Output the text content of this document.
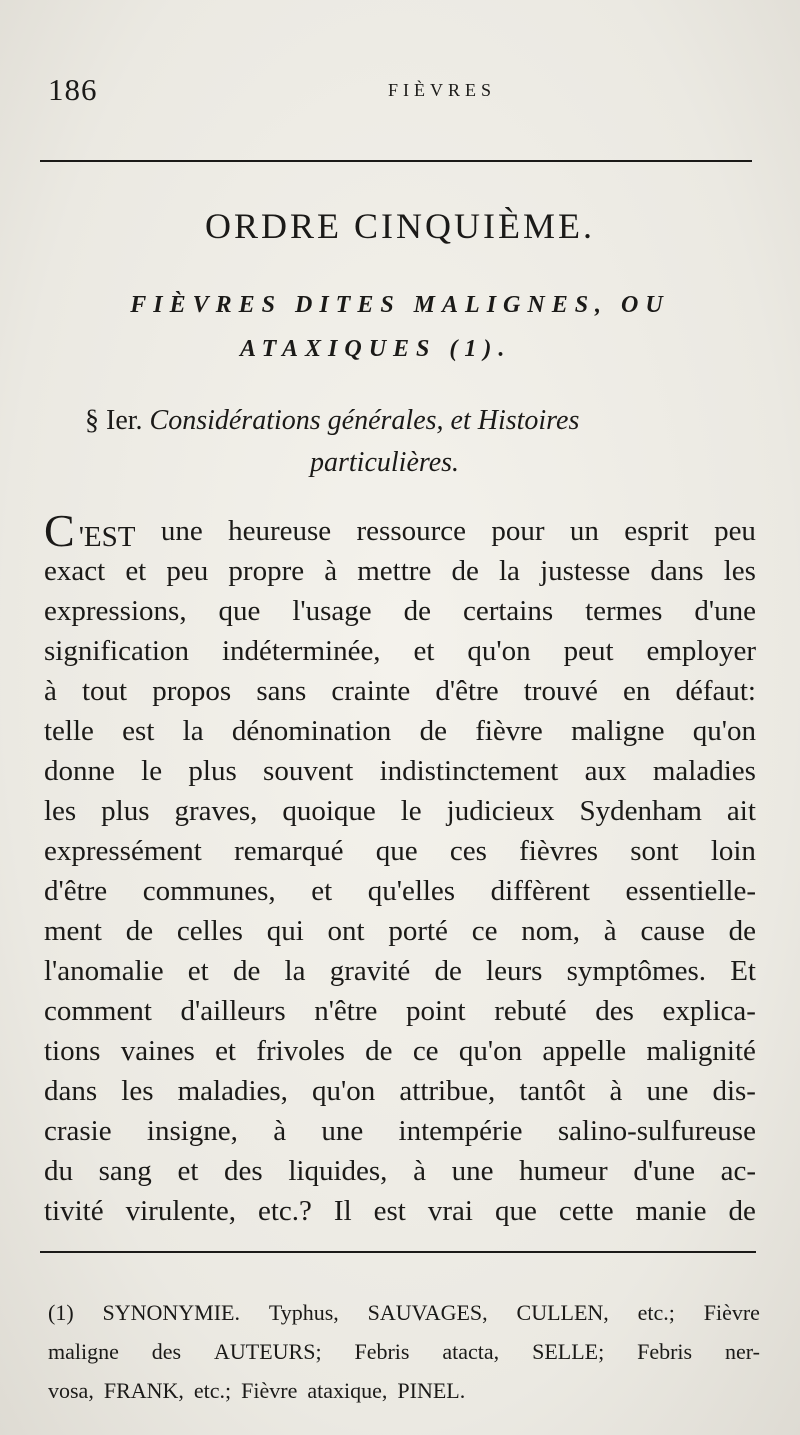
186	FIÈVRES
ORDRE CINQUIÈME.
FIÈVRES DITES MALIGNES, OU
ATAXIQUES (1).
§ Ier. Considérations générales, et Histoires
particulières.
C 'EST une heureuse ressource pour un esprit peu
exact et peu propre à mettre de la justesse dans les
expressions, que l'usage de certains termes d'une
signification indéterminée, et qu'on peut employer
à tout propos sans crainte d'être trouvé en défaut:
telle est la dénomination de fièvre maligne qu'on
donne le plus souvent indistinctement aux maladies
les plus graves, quoique le judicieux Sydenham ait
expressément remarqué que ces fièvres sont loin
d'être communes, et qu'elles diffèrent essentielle-
ment de celles qui ont porté ce nom, à cause de
l'anomalie et de la gravité de leurs symptômes. Et
comment d'ailleurs n'être point rebuté des explica-
tions vaines et frivoles de ce qu'on appelle malignité
dans les maladies, qu'on attribue, tantôt à une dis-
crasie insigne, à une intempérie salino-sulfureuse
du sang et des liquides, à une humeur d'une ac-
tivité virulente, etc.? Il est vrai que cette manie de
(1) SYNONYMIE. Typhus, SAUVAGES, CULLEN, etc.; Fièvre
maligne des AUTEURS; Febris atacta, SELLE; Febris ner-
vosa, FRANK, etc.; Fièvre ataxique, PINEL.
